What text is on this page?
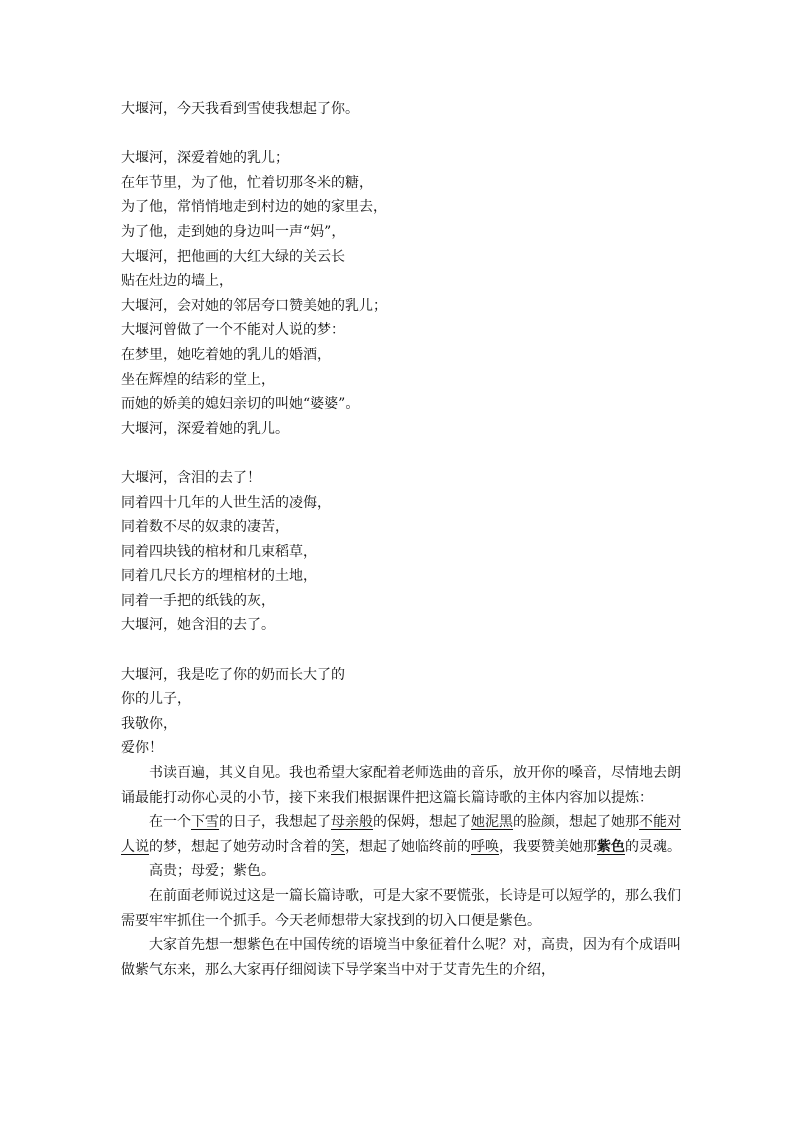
大堰河，今天我看到雪使我想起了你。
大堰河，深爱着她的乳儿；
在年节里，为了他，忙着切那冬米的糖，
为了他，常悄悄地走到村边的她的家里去，
为了他，走到她的身边叫一声“妈”，
大堰河，把他画的大红大绿的关云长
贴在灶边的墙上，
大堰河，会对她的邻居夸口赞美她的乳儿；
大堰河曾做了一个不能对人说的梦：
在梦里，她吃着她的乳儿的婚酒，
坐在辉煌的结彩的堂上，
而她的娇美的媳妇亲切的叫她“婆婆”。
大堰河，深爱着她的乳儿。
大堰河，含泪的去了！
同着四十几年的人世生活的凌侮，
同着数不尽的奴隶的凄苦，
同着四块钱的棺材和几束稻草，
同着几尺长方的埋棺材的土地，
同着一手把的纸钱的灰，
大堰河，她含泪的去了。
大堰河，我是吃了你的奶而长大了的
你的儿子，
我敬你，
爱你！

书读百遍，其义自见。我也希望大家配着老师选曲的音乐，放开你的嗓音，尽情地去朗诵最能打动你心灵的小节，接下来我们根据课件把这篇长篇诗歌的主体内容加以提炼：

在一个下雪的日子，我想起了母亲般的保姆，想起了她泥黑的脸颜，想起了她那不能对人说的梦，想起了她劳动时含着的笑，想起了她临终前的呼唤，我要赞美她那紫色的灵魂。

高贵；母爱；紫色。

在前面老师说过这是一篇长篇诗歌，可是大家不要慌张，长诗是可以短学的，那么我们需要牢牢抓住一个抓手。今天老师想带大家找到的切入口便是紫色。

大家首先想一想紫色在中国传统的语境当中象征着什么呢？对，高贵，因为有个成语叫做紫气东来，那么大家再仔细阅读下导学案当中对于艾青先生的介绍，
